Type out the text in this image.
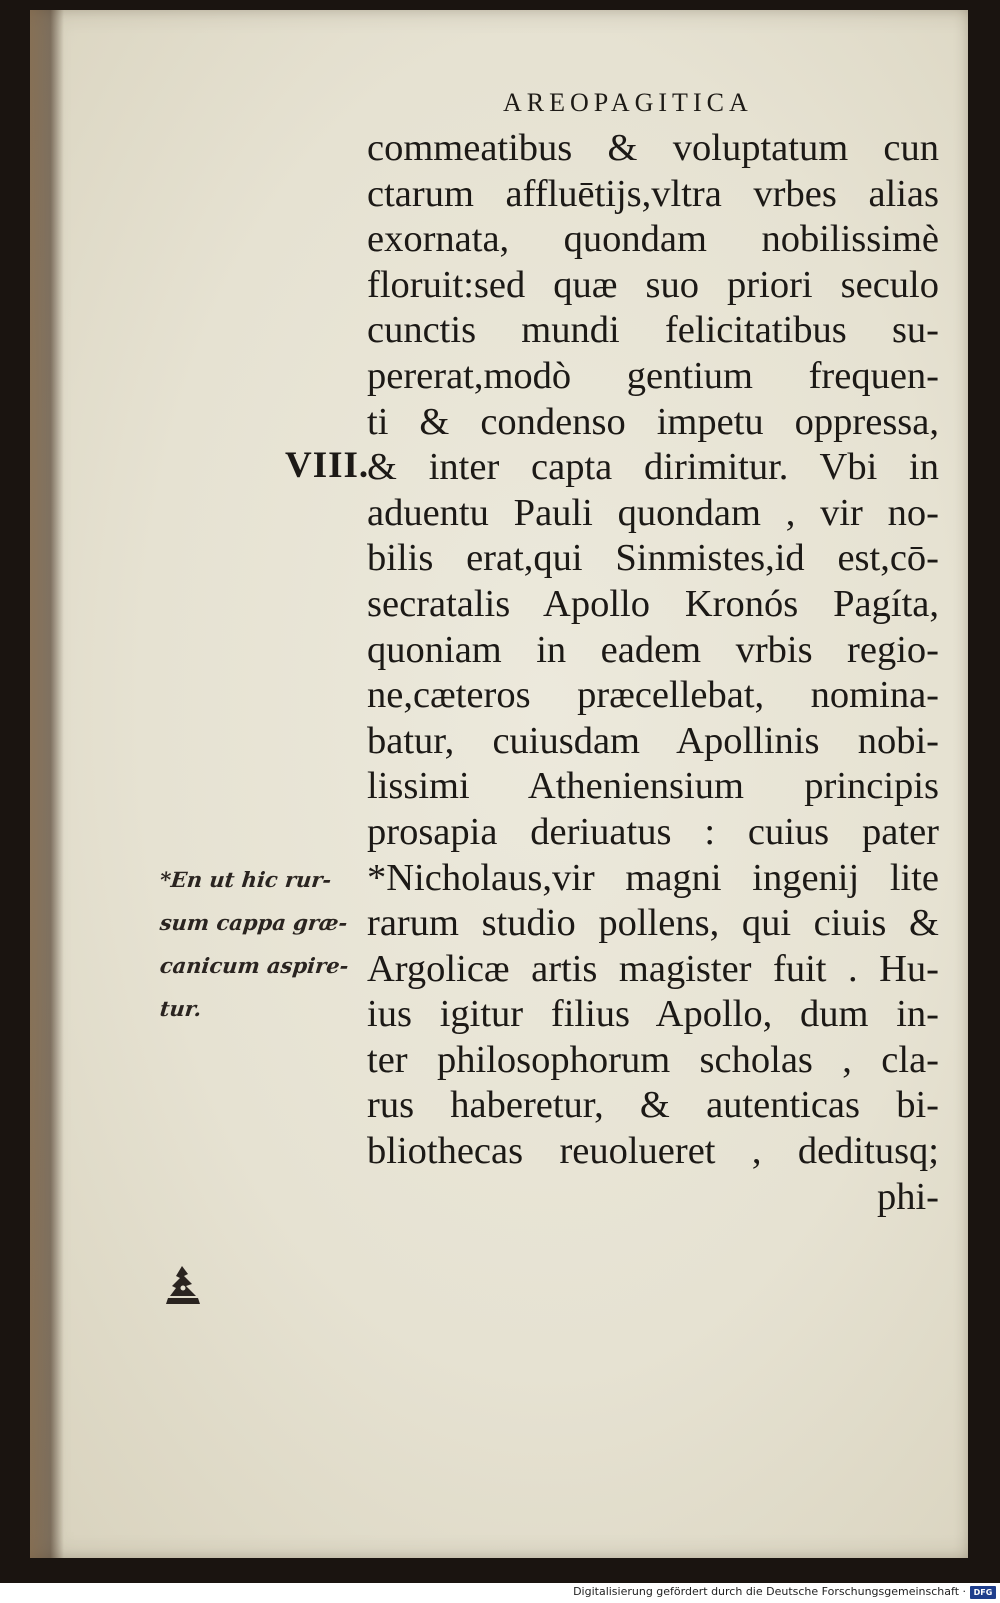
AREOPAGITICA
VIII.
commeatibus & voluptatum cun
ctarum affluētijs,vltra vrbes alias
exornata, quondam nobilissimè
floruit:sed quæ suo priori seculo
cunctis mundi felicitatibus su-
pererat,modò gentium frequen-
ti & condenso impetu oppressa,
& inter capta dirimitur. Vbi in
aduentu Pauli quondam , vir no-
bilis erat,qui Sinmistes,id est,cō-
secratalis Apollo Kronós Pagíta,
quoniam in eadem vrbis regio-
ne,cæteros præcellebat, nomina-
batur, cuiusdam Apollinis nobi-
lissimi Atheniensium principis
prosapia deriuatus : cuius pater
*Nicholaus,vir magni ingenij lite
rarum studio pollens, qui ciuis &
Argolicæ artis magister fuit . Hu-
ius igitur filius Apollo, dum in-
ter philosophorum scholas , cla-
rus haberetur, & autenticas bi-
bliothecas reuolueret , deditusq;
phi-
*En ut hic rur-
sum cappa græ-
canicum aspire-
tur.
Digitalisierung gefördert durch die Deutsche Forschungsgemeinschaft · DFG
